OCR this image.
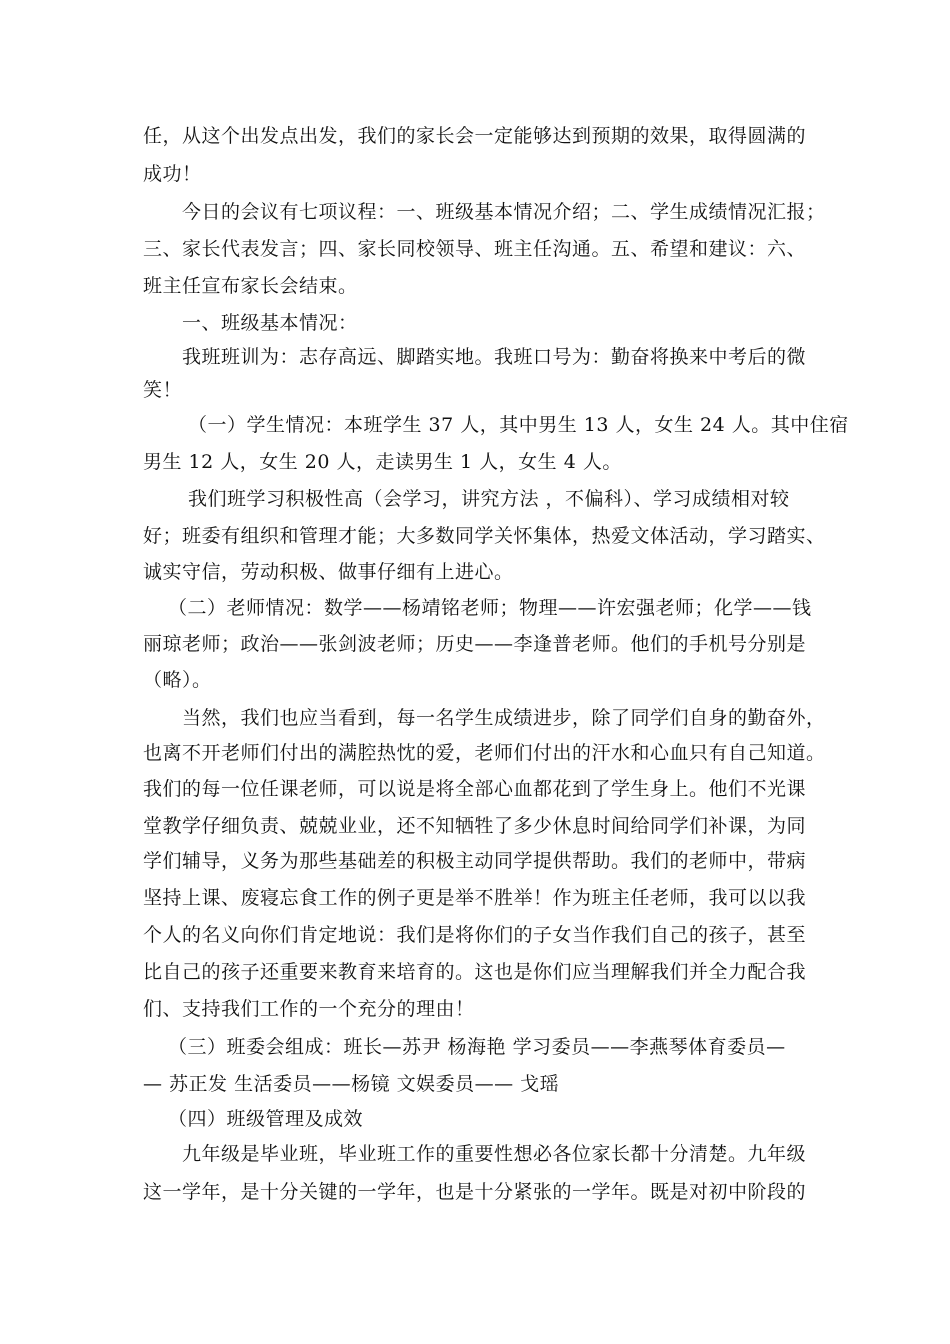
任，从这个出发点出发，我们的家长会一定能够达到预期的效果，取得圆满的
成功！
今日的会议有七项议程：一、班级基本情况介绍；二、学生成绩情况汇报；
三、家长代表发言；四、家长同校领导、班主任沟通。五、希望和建议：六、
班主任宣布家长会结束。
一、班级基本情况：
我班班训为：志存高远、脚踏实地。我班口号为：勤奋将换来中考后的微
笑！
（一）学生情况：本班学生 37 人，其中男生 13 人，女生 24 人。其中住宿
男生 12 人，女生 20 人，走读男生 1 人，女生 4 人。
我们班学习积极性高（会学习，讲究方法 ，不偏科）、学习成绩相对较
好；班委有组织和管理才能；大多数同学关怀集体，热爱文体活动，学习踏实、
诚实守信，劳动积极、做事仔细有上进心。
（二）老师情况：数学——杨靖铭老师；物理——许宏强老师；化学——钱
丽琼老师；政治——张剑波老师；历史——李逢普老师。他们的手机号分别是
（略）。
当然，我们也应当看到，每一名学生成绩进步，除了同学们自身的勤奋外，
也离不开老师们付出的满腔热忱的爱，老师们付出的汗水和心血只有自己知道。
我们的每一位任课老师，可以说是将全部心血都花到了学生身上。他们不光课
堂教学仔细负责、兢兢业业，还不知牺牲了多少休息时间给同学们补课，为同
学们辅导，义务为那些基础差的积极主动同学提供帮助。我们的老师中，带病
坚持上课、废寝忘食工作的例子更是举不胜举！作为班主任老师，我可以以我
个人的名义向你们肯定地说：我们是将你们的子女当作我们自己的孩子，甚至
比自己的孩子还重要来教育来培育的。这也是你们应当理解我们并全力配合我
们、支持我们工作的一个充分的理由！
（三）班委会组成：班长—苏尹 杨海艳 学习委员——李燕琴体育委员—
— 苏正发 生活委员——杨镜 文娱委员—— 戈瑶
（四）班级管理及成效
九年级是毕业班，毕业班工作的重要性想必各位家长都十分清楚。九年级
这一学年，是十分关键的一学年，也是十分紧张的一学年。既是对初中阶段的
